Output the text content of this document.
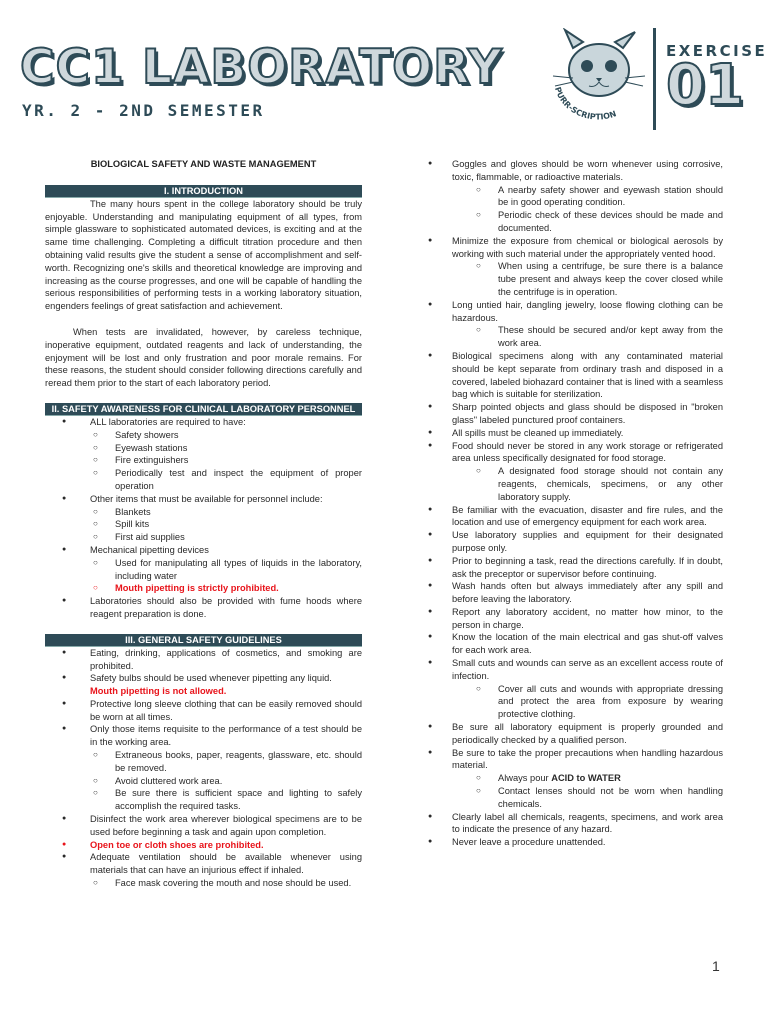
CC1 LABORATORY
YR. 2 - 2ND SEMESTER
PURR-SCRIPTION
EXERCISE
01
BIOLOGICAL SAFETY AND WASTE MANAGEMENT
I. INTRODUCTION

The many hours spent in the college laboratory should be truly enjoyable. Understanding and manipulating equipment of all types, from simple glassware to sophisticated automated devices, is exciting and at the same time challenging. Completing a difficult titration procedure and then obtaining valid results give the student a sense of accomplishment and self-worth. Recognizing one's skills and theoretical knowledge are improving and increasing as the course progresses, and one will be capable of handling the serious responsibilities of performing tests in a working laboratory situation, engenders feelings of great satisfaction and achievement.

When tests are invalidated, however, by careless technique, inoperative equipment, outdated reagents and lack of understanding, the enjoyment will be lost and only frustration and poor morale remains. For these reasons, the student should consider following directions carefully and reread them prior to the start of each laboratory period.

II. SAFETY AWARENESS FOR CLINICAL LABORATORY PERSONNEL
● ALL laboratories are required to have:
○ Safety showers
○ Eyewash stations
○ Fire extinguishers
○ Periodically test and inspect the equipment of proper operation
● Other items that must be available for personnel include:
○ Blankets
○ Spill kits
○ First aid supplies
● Mechanical pipetting devices
○ Used for manipulating all types of liquids in the laboratory, including water
○ Mouth pipetting is strictly prohibited.
● Laboratories should also be provided with fume hoods where reagent preparation is done.
III. GENERAL SAFETY GUIDELINES
● Eating, drinking, applications of cosmetics, and smoking are prohibited.
● Safety bulbs should be used whenever pipetting any liquid.
Mouth pipetting is not allowed.
● Protective long sleeve clothing that can be easily removed should be worn at all times.
● Only those items requisite to the performance of a test should be in the working area.
○ Extraneous books, paper, reagents, glassware, etc. should be removed.
○ Avoid cluttered work area.
○ Be sure there is sufficient space and lighting to safely accomplish the required tasks.
● Disinfect the work area wherever biological specimens are to be used before beginning a task and again upon completion.
● Open toe or cloth shoes are prohibited.
● Adequate ventilation should be available whenever using materials that can have an injurious effect if inhaled.
○ Face mask covering the mouth and nose should be used.
● Goggles and gloves should be worn whenever using corrosive, toxic, flammable, or radioactive materials.
○ A nearby safety shower and eyewash station should be in good operating condition.
○ Periodic check of these devices should be made and documented.
● Minimize the exposure from chemical or biological aerosols by working with such material under the appropriately vented hood.
○ When using a centrifuge, be sure there is a balance tube present and always keep the cover closed while the centrifuge is in operation.
● Long untied hair, dangling jewelry, loose flowing clothing can be hazardous.
○ These should be secured and/or kept away from the work area.
● Biological specimens along with any contaminated material should be kept separate from ordinary trash and disposed in a covered, labeled biohazard container that is lined with a seamless bag which is suitable for sterilization.
● Sharp pointed objects and glass should be disposed in "broken glass" labeled punctured proof containers.
● All spills must be cleaned up immediately.
● Food should never be stored in any work storage or refrigerated area unless specifically designated for food storage.
○ A designated food storage should not contain any reagents, chemicals, specimens, or any other laboratory supply.
● Be familiar with the evacuation, disaster and fire rules, and the location and use of emergency equipment for each work area.
● Use laboratory supplies and equipment for their designated purpose only.
● Prior to beginning a task, read the directions carefully. If in doubt, ask the preceptor or supervisor before continuing.
● Wash hands often but always immediately after any spill and before leaving the laboratory.
● Report any laboratory accident, no matter how minor, to the person in charge.
● Know the location of the main electrical and gas shut-off valves for each work area.
● Small cuts and wounds can serve as an excellent access route of infection.
○ Cover all cuts and wounds with appropriate dressing and protect the area from exposure by wearing protective clothing.
● Be sure all laboratory equipment is properly grounded and periodically checked by a qualified person.
● Be sure to take the proper precautions when handling hazardous material.
○ Always pour ACID to WATER
○ Contact lenses should not be worn when handling chemicals.
● Clearly label all chemicals, reagents, specimens, and work area to indicate the presence of any hazard.
● Never leave a procedure unattended.
1
